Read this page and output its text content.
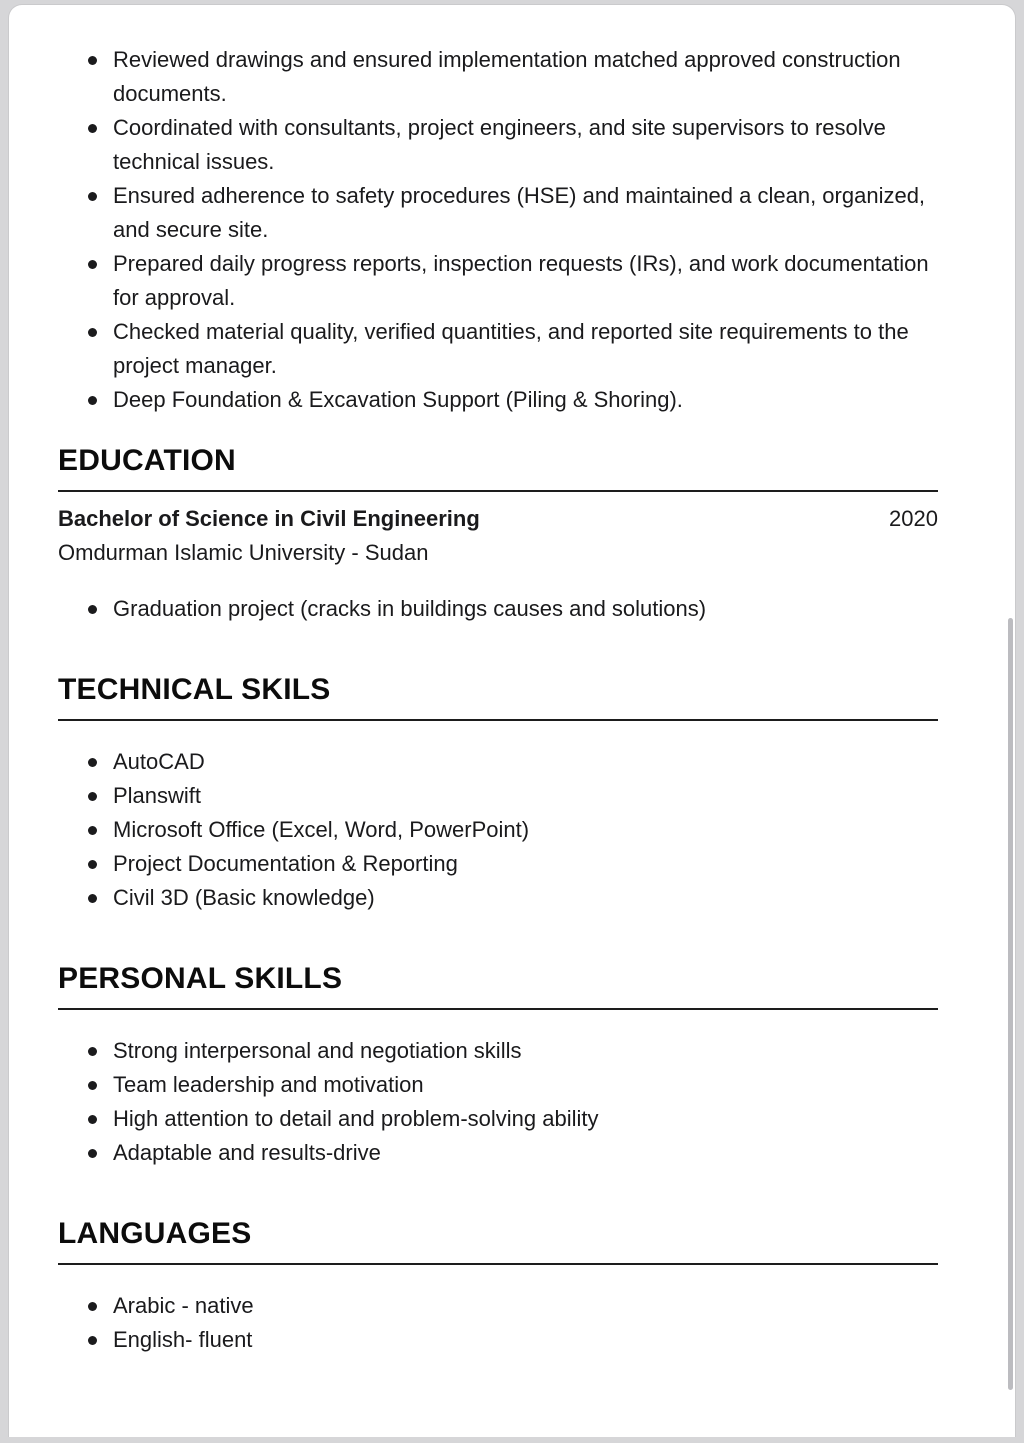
Reviewed drawings and ensured implementation matched approved construction documents.
Coordinated with consultants, project engineers, and site supervisors to resolve technical issues.
Ensured adherence to safety procedures (HSE) and maintained a clean, organized, and secure site.
Prepared daily progress reports, inspection requests (IRs), and work documentation for approval.
Checked material quality, verified quantities, and reported site requirements to the project manager.
Deep Foundation & Excavation Support (Piling & Shoring).
EDUCATION
Bachelor of Science in Civil Engineering	2020
Omdurman Islamic University - Sudan
Graduation project (cracks in buildings causes and solutions)
TECHNICAL SKILS
AutoCAD
Planswift
Microsoft Office (Excel, Word, PowerPoint)
Project Documentation & Reporting
Civil 3D (Basic knowledge)
PERSONAL SKILLS
Strong interpersonal and negotiation skills
Team leadership and motivation
High attention to detail and problem-solving ability
Adaptable and results-drive
LANGUAGES
Arabic - native
English- fluent
